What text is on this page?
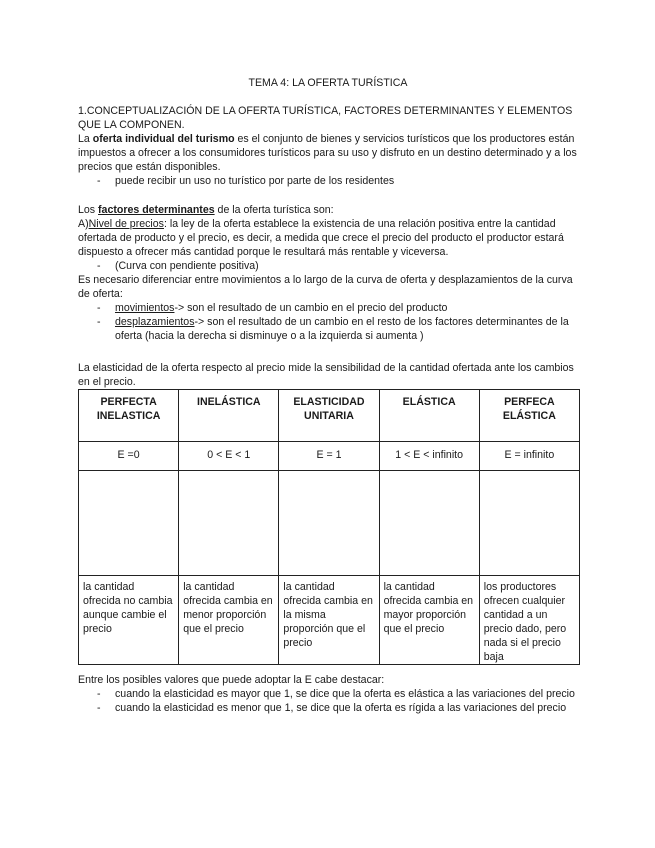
TEMA 4: LA OFERTA TURÍSTICA

1.CONCEPTUALIZACIÓN DE LA OFERTA TURÍSTICA, FACTORES DETERMINANTES Y ELEMENTOS QUE LA COMPONEN.

La oferta individual del turismo es el conjunto de bienes y servicios turísticos que los productores están impuestos a ofrecer a los consumidores turísticos para su uso y disfruto en un destino determinado y a los precios que están disponibles.

- puede recibir un uso no turístico por parte de los residentes

Los factores determinantes de la oferta turística son:

A)Nivel de precios: la ley de la oferta establece la existencia de una relación positiva entre la cantidad ofertada de producto y el precio, es decir, a medida que crece el precio del producto el productor estará dispuesto a ofrecer más cantidad porque le resultará más rentable y viceversa.

- (Curva con pendiente positiva)

Es necesario diferenciar entre movimientos a lo largo de la curva de oferta y desplazamientos de la curva de oferta:

- movimientos-> son el resultado de un cambio en el precio del producto
- desplazamientos-> son el resultado de un cambio en el resto de los factores determinantes de la oferta (hacia la derecha si disminuye o a la izquierda si aumenta )
La elasticidad de la oferta respecto al precio mide la sensibilidad de la cantidad ofertada ante los cambios en el precio.
PERFECTA INELASTICA	INELÁSTICA	ELASTICIDAD UNITARIA	ELÁSTICA	PERFECA ELÁSTICA
E =0	0 < E < 1	E = 1	1 < E < infinito	E = infinito

la cantidad ofrecida no cambia aunque cambie el precio	la cantidad ofrecida cambia en menor proporción que el precio	la cantidad ofrecida cambia en la misma proporción que el precio	la cantidad ofrecida cambia en mayor proporción que el precio	los productores ofrecen cualquier cantidad a un precio dado, pero nada si el precio baja

Entre los posibles valores que puede adoptar la E cabe destacar:

- cuando la elasticidad es mayor que 1, se dice que la oferta es elástica a las variaciones del precio
- cuando la elasticidad es menor que 1, se dice que la oferta es rígida a las variaciones del precio
